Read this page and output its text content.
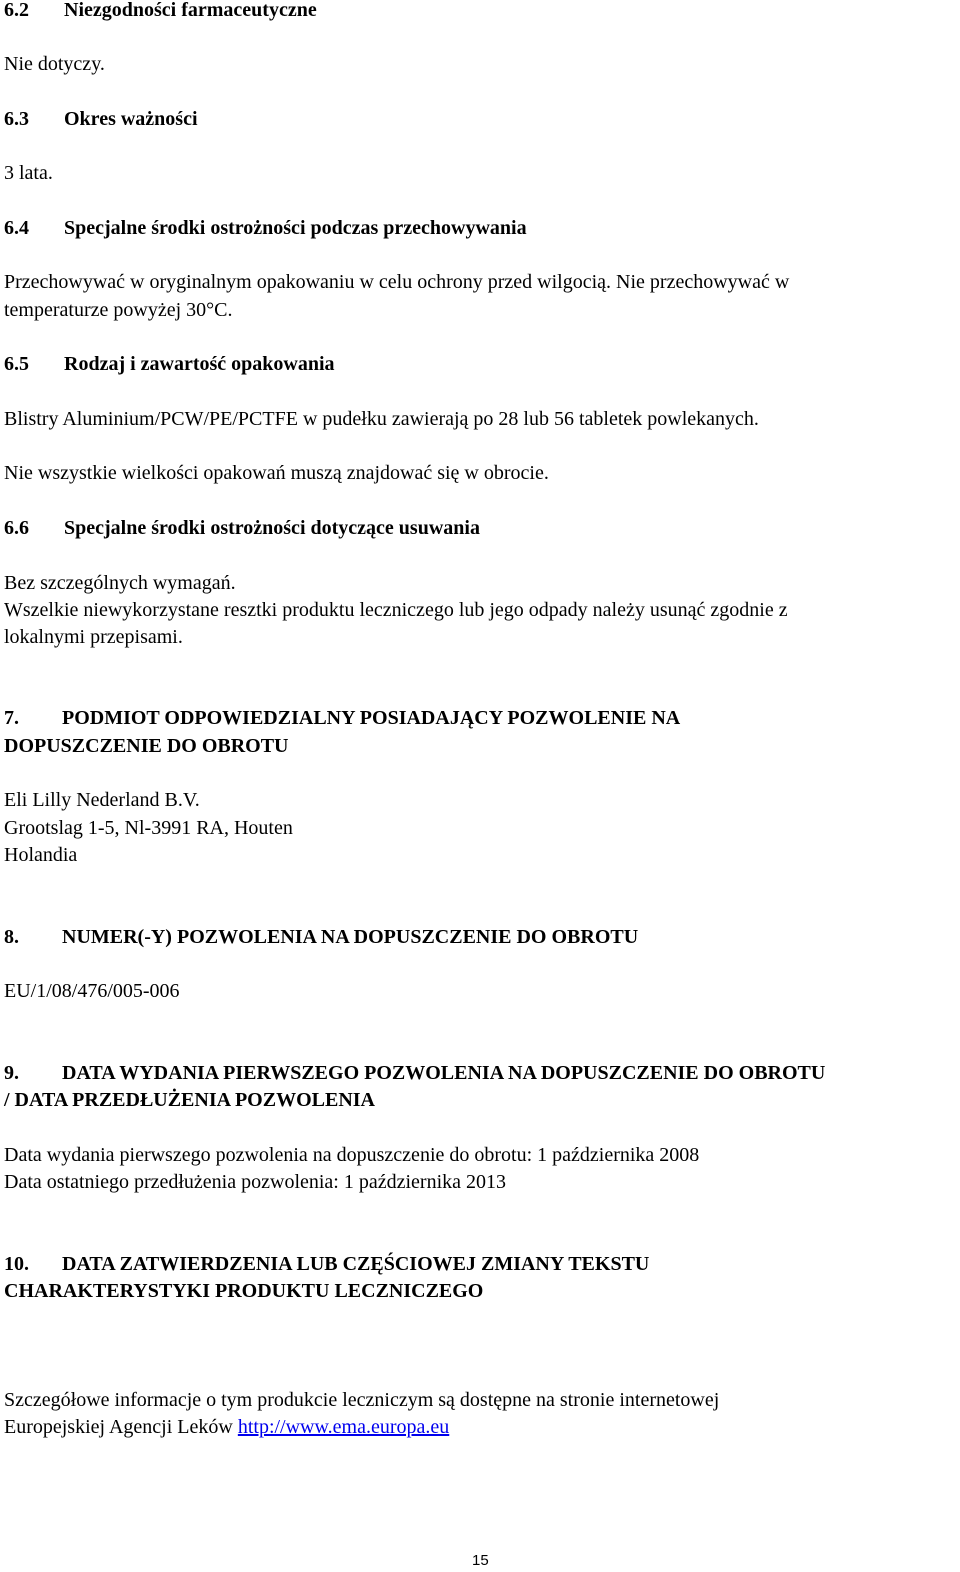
6.2 Niezgodności farmaceutyczne
Nie dotyczy.
6.3 Okres ważności
3 lata.
6.4 Specjalne środki ostrożności podczas przechowywania
Przechowywać w oryginalnym opakowaniu w celu ochrony przed wilgocią. Nie przechowywać w
temperaturze powyżej 30°C.
6.5 Rodzaj i zawartość opakowania
Blistry Aluminium/PCW/PE/PCTFE w pudełku zawierają po 28 lub 56 tabletek powlekanych.
Nie wszystkie wielkości opakowań muszą znajdować się w obrocie.
6.6 Specjalne środki ostrożności dotyczące usuwania
Bez szczególnych wymagań.
Wszelkie niewykorzystane resztki produktu leczniczego lub jego odpady należy usunąć zgodnie z
lokalnymi przepisami.
7. PODMIOT ODPOWIEDZIALNY POSIADAJĄCY POZWOLENIE NA
DOPUSZCZENIE DO OBROTU
Eli Lilly Nederland B.V.
Grootslag 1-5, Nl-3991 RA, Houten
Holandia
8. NUMER(-Y) POZWOLENIA NA DOPUSZCZENIE DO OBROTU
EU/1/08/476/005-006
9. DATA WYDANIA PIERWSZEGO POZWOLENIA NA DOPUSZCZENIE DO OBROTU
/ DATA PRZEDŁUŻENIA POZWOLENIA
Data wydania pierwszego pozwolenia na dopuszczenie do obrotu: 1 października 2008
Data ostatniego przedłużenia pozwolenia: 1 października 2013
10. DATA ZATWIERDZENIA LUB CZĘŚCIOWEJ ZMIANY TEKSTU
CHARAKTERYSTYKI PRODUKTU LECZNICZEGO
Szczegółowe informacje o tym produkcie leczniczym są dostępne na stronie internetowej
Europejskiej Agencji Leków http://www.ema.europa.eu
15
